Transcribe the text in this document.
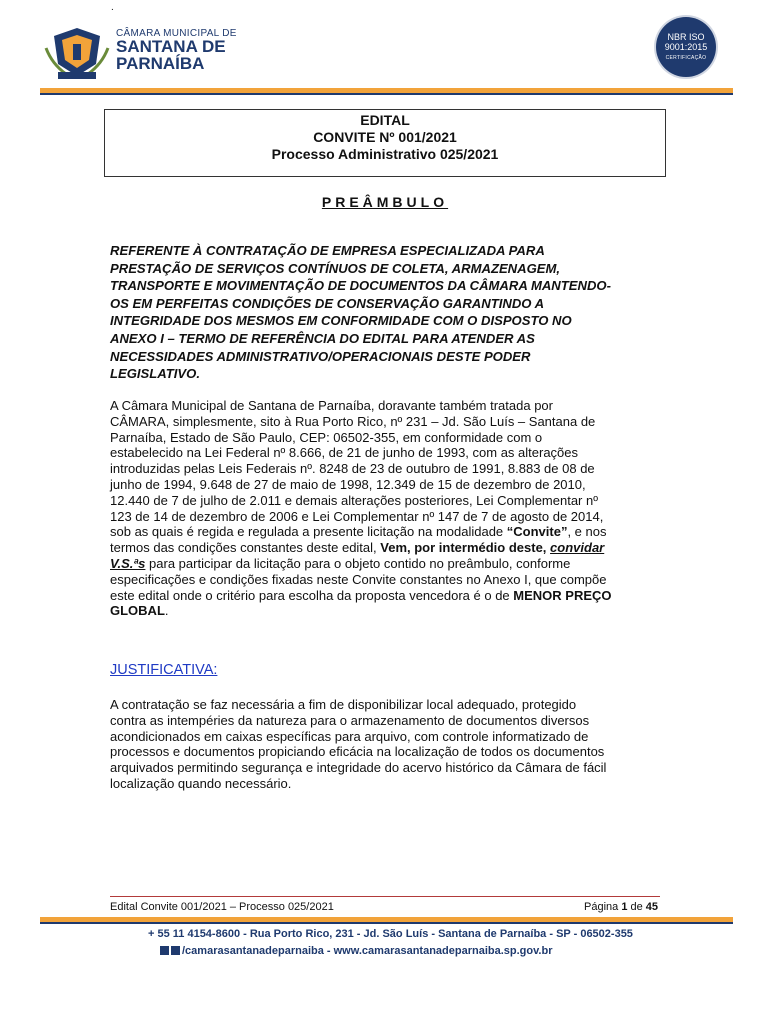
.
CÂMARA MUNICIPAL DE
SANTANA DE
PARNAÍBA
NBR ISO
9001:2015
CERTIFICAÇÃO
EDITAL
CONVITE Nº 001/2021
Processo Administrativo 025/2021
PREÂMBULO
REFERENTE À CONTRATAÇÃO DE EMPRESA ESPECIALIZADA PARA
PRESTAÇÃO DE SERVIÇOS CONTÍNUOS DE COLETA, ARMAZENAGEM,
TRANSPORTE E MOVIMENTAÇÃO DE DOCUMENTOS DA CÂMARA MANTENDO-
OS EM PERFEITAS CONDIÇÕES DE CONSERVAÇÃO GARANTINDO A
INTEGRIDADE DOS MESMOS EM CONFORMIDADE COM O DISPOSTO NO
ANEXO I – TERMO DE REFERÊNCIA DO EDITAL PARA ATENDER AS
NECESSIDADES ADMINISTRATIVO/OPERACIONAIS DESTE PODER
LEGISLATIVO.
A Câmara Municipal de Santana de Parnaíba, doravante também tratada por
CÂMARA, simplesmente, sito à Rua Porto Rico, nº 231 – Jd. São Luís – Santana de
Parnaíba, Estado de São Paulo, CEP: 06502-355, em conformidade com o
estabelecido na Lei Federal nº 8.666, de 21 de junho de 1993, com as alterações
introduzidas pelas Leis Federais nº. 8248 de 23 de outubro de 1991, 8.883 de 08 de
junho de 1994, 9.648 de 27 de maio de 1998, 12.349 de 15 de dezembro de 2010,
12.440 de 7 de julho de 2.011 e demais alterações posteriores, Lei Complementar nº
123 de 14 de dezembro de 2006 e Lei Complementar nº 147 de 7 de agosto de 2014,
sob as quais é regida e regulada a presente licitação na modalidade “Convite”, e nos
termos das condições constantes deste edital, Vem, por intermédio deste, convidar
V.S.ªs para participar da licitação para o objeto contido no preâmbulo, conforme
especificações e condições fixadas neste Convite constantes no Anexo I, que compõe
este edital onde o critério para escolha da proposta vencedora é o de MENOR PREÇO
GLOBAL.
JUSTIFICATIVA:
A contratação se faz necessária a fim de disponibilizar local adequado, protegido
contra as intempéries da natureza para o armazenamento de documentos diversos
acondicionados em caixas específicas para arquivo, com controle informatizado de
processos e documentos propiciando eficácia na localização de todos os documentos
arquivados permitindo segurança e integridade do acervo histórico da Câmara de fácil
localização quando necessário.
Edital Convite 001/2021 – Processo 025/2021	Página 1 de 45
+ 55 11 4154-8600 - Rua Porto Rico, 231 - Jd. São Luís - Santana de Parnaíba - SP - 06502-355
/camarasantanadeparnaiba - www.camarasantanadeparnaiba.sp.gov.br
